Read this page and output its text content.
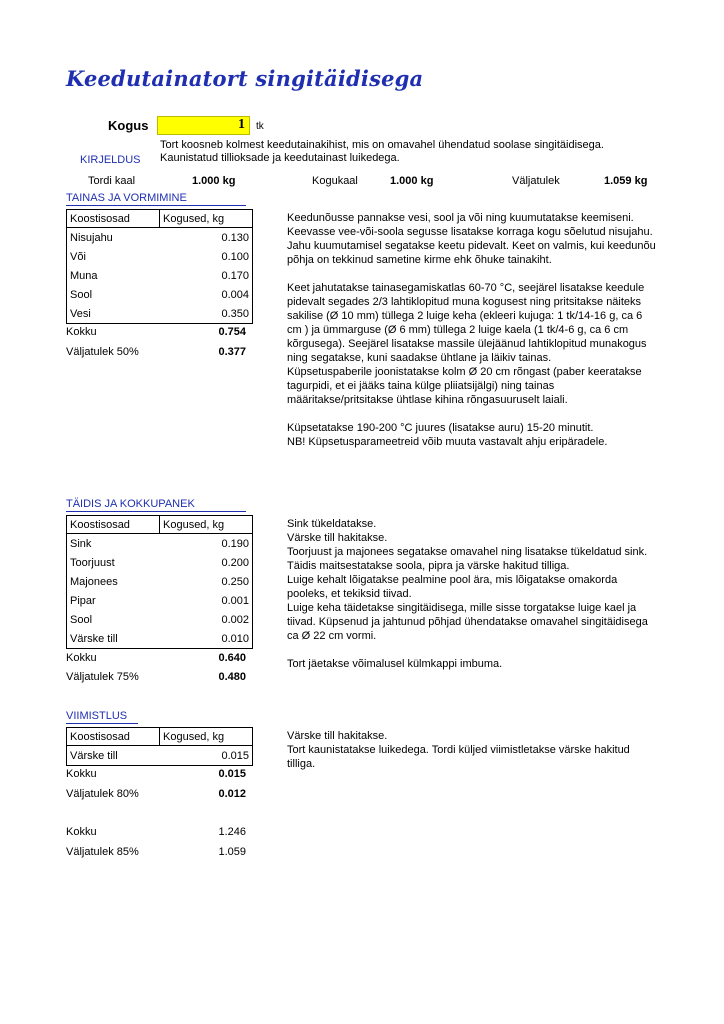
Keedutainatort singitäidisega
Kogus	1 tk
Tort koosneb kolmest keedutainakihist, mis on omavahel ühendatud soolase singitäidisega. Kaunistatud tillioksade ja keedutainast luikedega.
KIRJELDUS
Tordi kaal	1.000 kg	Kogukaal	1.000 kg	Väljatulek	1.059 kg
TAINAS JA VORMIMINE
Koostisosad	Kogused, kg
Nisujahu	0.130
Või	0.100
Muna	0.170
Sool	0.004
Vesi	0.350
Kokku	0.754
Väljatulek 50%	0.377

Keedunõusse pannakse vesi, sool ja või ning kuumutatakse keemiseni. Keevasse vee-või-soola segusse lisatakse korraga kogu sõelutud nisujahu. Jahu kuumutamisel segatakse keetu pidevalt. Keet on valmis, kui keedunõu põhja on tekkinud sametine kirme ehk õhuke tainakiht.

Keet jahutatakse tainasegamiskatlas 60-70 °C, seejärel lisatakse keedule pidevalt segades 2/3 lahtiklopitud muna kogusest ning pritsitakse näiteks sakilise (Ø 10 mm) tüllega 2 luige keha (ekleeri kujuga: 1 tk/14-16 g, ca 6 cm ) ja ümmarguse (Ø 6 mm) tüllega 2 luige kaela (1 tk/4-6 g, ca 6 cm kõrgusega). Seejärel lisatakse massile ülejäänud lahtiklopitud munakogus ning segatakse, kuni saadakse ühtlane ja läikiv tainas.

Küpsetuspaberile joonistatakse kolm Ø 20 cm rõngast (paber keeratakse tagurpidi, et ei jääks taina külge pliiatsijälgi) ning tainas määritakse/pritsitakse ühtlase kihina rõngasuuruselt laiali.

Küpsetatakse 190-200 °C juures (lisatakse auru) 15-20 minutit.

NB! Küpsetusparameetreid võib muuta vastavalt ahju eripäradele.

TÄIDIS JA KOKKUPANEK
Koostisosad	Kogused, kg
Sink	0.190
Toorjuust	0.200
Majonees	0.250
Pipar	0.001
Sool	0.002
Värske till	0.010
Kokku	0.640
Väljatulek 75%	0.480

Sink tükeldatakse.

Värske till hakitakse.

Toorjuust ja majonees segatakse omavahel ning lisatakse tükeldatud sink. Täidis maitsestatakse soola, pipra ja värske hakitud tilliga.

Luige kehalt lõigatakse pealmine pool ära, mis lõigatakse omakorda pooleks, et tekiksid tiivad.

Luige keha täidetakse singitäidisega, mille sisse torgatakse luige kael ja tiivad. Küpsenud ja jahtunud põhjad ühendatakse omavahel singitäidisega ca Ø 22 cm vormi.

Tort jäetakse võimalusel külmkappi imbuma.

VIIMISTLUS
Koostisosad	Kogused, kg
Värske till	0.015
Kokku	0.015
Väljatulek 80%	0.012

Värske till hakitakse.

Tort kaunistatakse luikedega. Tordi küljed viimistletakse värske hakitud tilliga.

Kokku	1.246
Väljatulek 85%	1.059
